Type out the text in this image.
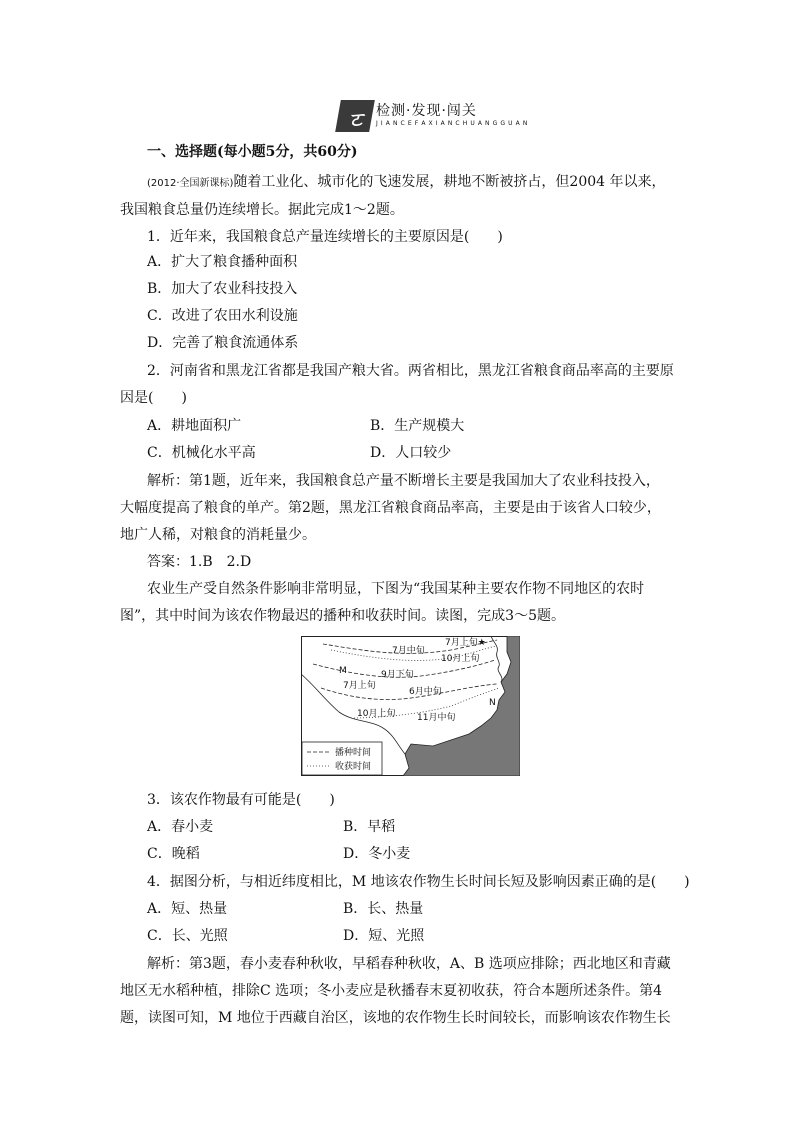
ㄛ 检测·发现·闯关
J I A N C E F A X I A N C H U A N G G U A N
一、选择题(每小题5分，共60分)
(2012·全国新课标)随着工业化、城市化的飞速发展，耕地不断被挤占，但2004 年以来，
我国粮食总量仍连续增长。据此完成1～2题。
1．近年来，我国粮食总产量连续增长的主要原因是(　　)
A．扩大了粮食播种面积
B．加大了农业科技投入
C．改进了农田水利设施
D．完善了粮食流通体系
2．河南省和黑龙江省都是我国产粮大省。两省相比，黑龙江省粮食商品率高的主要原
因是(　　)
A．耕地面积广	B．生产规模大
C．机械化水平高	D．人口较少
解析：第1题，近年来，我国粮食总产量不断增长主要是我国加大了农业科技投入，
大幅度提高了粮食的单产。第2题，黑龙江省粮食商品率高，主要是由于该省人口较少，
地广人稀，对粮食的消耗量少。
答案：1.B　2.D
农业生产受自然条件影响非常明显，下图为“我国某种主要农作物不同地区的农时
图”，其中时间为该农作物最迟的播种和收获时间。读图，完成3～5题。
7月上旬★
7月中旬
10月上旬
M	9月下旬
7月上旬
6月中旬
N
10月上旬 11月中旬
播种时间
收获时间
3．该农作物最有可能是(　　)
A．春小麦	B．早稻
C．晚稻	D．冬小麦
4．据图分析，与相近纬度相比，M 地该农作物生长时间长短及影响因素正确的是(　　)
A．短、热量	B．长、热量
C．长、光照	D．短、光照
解析：第3题，春小麦春种秋收，早稻春种秋收，A、B 选项应排除；西北地区和青藏
地区无水稻种植，排除C 选项；冬小麦应是秋播春末夏初收获，符合本题所述条件。第4
题，读图可知，M 地位于西藏自治区，该地的农作物生长时间较长，而影响该农作物生长
